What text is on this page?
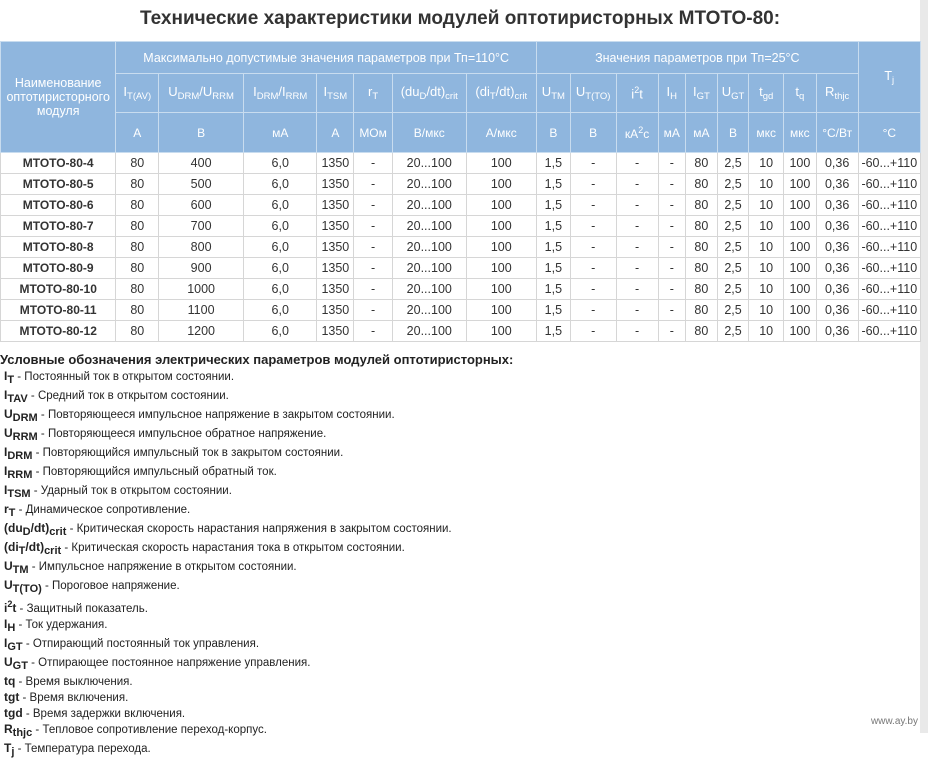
Технические характеристики модулей оптотиристорных МТОТО-80:
Наименование
оптотиристорного
модуля	Максимально допустимые значения параметров при Тп=110°С							Значения параметров при Тп=25°С									$T_j$
	$I_{T(AV)}$	$U_{DRM}/U_{RRM}$	$I_{DRM}/I_{RRM}$	$I_{TSM}$	$r_T$	$(du_D/dt)_{crit}$	$(di_T/dt)_{crit}$	$U_{TM}$	$U_{T(TO)}$	$i^2t$	$I_H$	$I_{GT}$	$U_{GT}$	$t_{gd}$	$t_q$	$R_{thjc}$
	А	В	мА	А	МОм	В/мкс	А/мкс	В	В	$кА^2с$	мА	мА	В	мкс	мкс	°С/Вт	°С
МТОТО-80-4	80	400	6,0	1350	-	20...100	100	1,5	-	-	-	80	2,5	10	100	0,36	-60...+110
МТОТО-80-5	80	500	6,0	1350	-	20...100	100	1,5	-	-	-	80	2,5	10	100	0,36	-60...+110
МТОТО-80-6	80	600	6,0	1350	-	20...100	100	1,5	-	-	-	80	2,5	10	100	0,36	-60...+110
МТОТО-80-7	80	700	6,0	1350	-	20...100	100	1,5	-	-	-	80	2,5	10	100	0,36	-60...+110
МТОТО-80-8	80	800	6,0	1350	-	20...100	100	1,5	-	-	-	80	2,5	10	100	0,36	-60...+110
МТОТО-80-9	80	900	6,0	1350	-	20...100	100	1,5	-	-	-	80	2,5	10	100	0,36	-60...+110
МТОТО-80-10	80	1000	6,0	1350	-	20...100	100	1,5	-	-	-	80	2,5	10	100	0,36	-60...+110
МТОТО-80-11	80	1100	6,0	1350	-	20...100	100	1,5	-	-	-	80	2,5	10	100	0,36	-60...+110
МТОТО-80-12	80	1200	6,0	1350	-	20...100	100	1,5	-	-	-	80	2,5	10	100	0,36	-60...+110
Условные обозначения электрических параметров модулей оптотиристорных:
$I_T$ - Постоянный ток в открытом состоянии.
$I_{TAV}$ - Средний ток в открытом состоянии.
$U_{DRM}$ - Повторяющееся импульсное напряжение в закрытом состоянии.
$U_{RRM}$ - Повторяющееся импульсное обратное напряжение.
$I_{DRM}$ - Повторяющийся импульсный ток в закрытом состоянии.
$I_{RRM}$ - Повторяющийся импульсный обратный ток.
$I_{TSM}$ - Ударный ток в открытом состоянии.
$r_T$ - Динамическое сопротивление.
$(du_D/dt)_{crit}$ - Критическая скорость нарастания напряжения в закрытом состоянии.
$(di_T/dt)_{crit}$ - Критическая скорость нарастания тока в открытом состоянии.
$U_{TM}$ - Импульсное напряжение в открытом состоянии.
$U_{T(TO)}$ - Пороговое напряжение.
$i^2t$ - Защитный показатель.
$I_H$ - Ток удержания.
$I_{GT}$ - Отпирающий постоянный ток управления.
$U_{GT}$ - Отпирающее постоянное напряжение управления.
tq - Время выключения.
tgt - Время включения.
tgd - Время задержки включения.
$R_{thjc}$ - Тепловое сопротивление переход-корпус.
$T_j$ - Температура перехода.
www.ay.by
